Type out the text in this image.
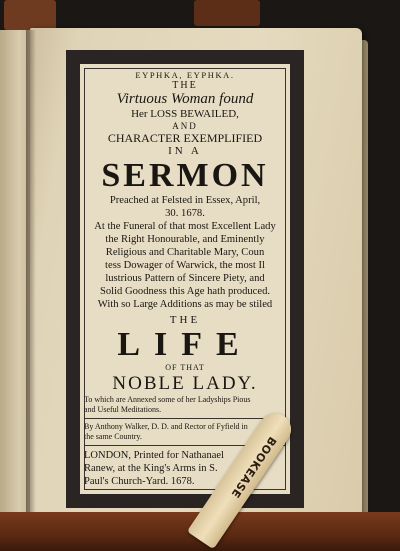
ΕΥΡΗΚΑ, ΕΥΡΗΚΑ.
THE
Virtuous Woman found
Her LOSS BEWAILED,
AND
CHARACTER EXEMPLIFIED
IN A
SERMON
Preached at Felsted in Essex, April,
30. 1678.
At the Funeral of that most Excellent Lady
the Right Honourable, and Eminently
Religious and Charitable Mary, Coun
tess Dowager of Warwick, the most Il
lustrious Pattern of Sincere Piety, and
Solid Goodness this Age hath produced.
With so Large Additions as may be stiled
THE
LIFE
OF THAT
NOBLE LADY.
To which are Annexed some of her Ladyships Pious
and Useful Meditations.
By Anthony Walker, D. D. and Rector of Fyfield in
the same Country.
LONDON, Printed for Nathanael
Ranew, at the King's Arms in S.
Paul's Church-Yard. 1678.	BOOKEASE
